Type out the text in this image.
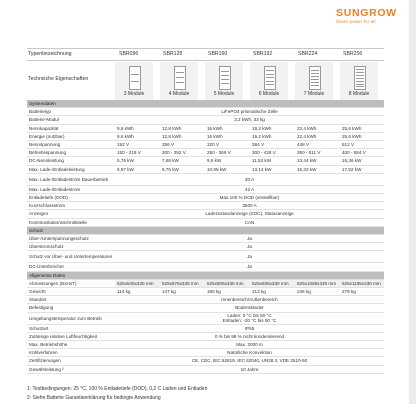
SUNGROW
Clean power for all
Typenbezeichnung	SBR096	SBR128	SBR160	SBR192	SBR224	SBR256
Technische Eigenschaften
3 Module	4 Module	5 Module	6 Module	7 Module	8 Module
Systemdaten						
Batterietyp	LiFePO4 prismatische Zelle					
Batterie-Modul	3,2 kWh, 33 kg					
Nennkapazität	9,6 kWh	12,8 kWh	16 kWh	19,2 kWh	22,4 kWh	25,6 kWh
Energie (nutzbar)	9,6 kWh	12,8 kWh	16 kWh	19,2 kWh	22,4 kWh	25,6 kWh
Nennspannung	192 V	256 V	320 V	384 V	448 V	512 V
Betriebsspannung	150 - 219 V	200 - 292 V	250 - 365 V	300 - 438 V	350 - 511 V	400 - 584 V
DC-Nennleistung	5,76 kW	7,68 kW	9,6 kW	11,52 kW	13,44 kW	15,36 kW
Max. Lade-/Entladeleistung	6,57 kW	8,76 kW	10,95 kW	13,14 kW	15,33 kW	17,52 kW
Max. Lade-/Entladestrom Dauerbetrieb	30 A					
Max. Lade-/Entladestrom	42 A					
Entladetiefe (DOD)	Max.100 % DOD (einstellbar)					
Kurzschlussstrom	3500 A					
Anzeigen	Ladezustandanzeige (SOC), Statusanzeige					
Kommunikationsschnittstelle	CAN					
Schutz						
Über-/Unterspannungsschutz	Ja					
Überstromschutz	Ja					
Schutz vor Über- und Untertemperaturen	Ja					
DC-Unterbrecher	Ja					
Allgemeine Daten						
Abmessungen (BxHxT)	625x545x330 mm	625x675x330 mm	625x805x330 mm	625x935x330 mm	625x1065x330 mm	625x1195x330 mm
Gewicht	114 kg	147 kg	180 kg	213 kg	246 kg	279 kg
Standort	Innenbereich/Außenbereich					
Befestigung	Bodenständer					
Umgebungstemperatur zum Betrieb	Laden: 0 °C bis 50 °C
Entladen: -20 °C bis 50 °C					

Schutzart	IP55					
Zulässige relative Luftfeuchtigkeit	0 % bis 95 % nicht kondensierend					
Max. Betriebshöhe	Max. 2000 m					
Kühlverfahren	Natürliche Konvektion					
Zertifizierungen	CE, CEC, IEC 62619, IEC 62040, UN38.3, VDE 2510-50					
Gewährleistung ²	10 Jahre					
1: Testbedingungen: 25 °C, 100 % Entladetiefe (DOD), 0,2 C Laden und Entladen
2: Siehe Batterie Garantieerklärung für bedingte Anwendung
